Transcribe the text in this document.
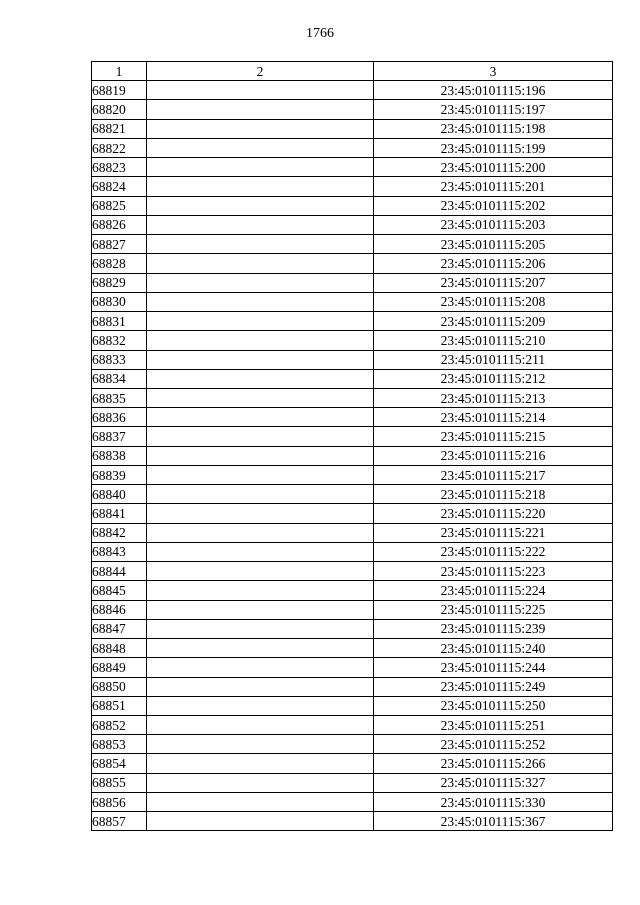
1766
1	2	3
68819		23:45:0101115:196
68820		23:45:0101115:197
68821		23:45:0101115:198
68822		23:45:0101115:199
68823		23:45:0101115:200
68824		23:45:0101115:201
68825		23:45:0101115:202
68826		23:45:0101115:203
68827		23:45:0101115:205
68828		23:45:0101115:206
68829		23:45:0101115:207
68830		23:45:0101115:208
68831		23:45:0101115:209
68832		23:45:0101115:210
68833		23:45:0101115:211
68834		23:45:0101115:212
68835		23:45:0101115:213
68836		23:45:0101115:214
68837		23:45:0101115:215
68838		23:45:0101115:216
68839		23:45:0101115:217
68840		23:45:0101115:218
68841		23:45:0101115:220
68842		23:45:0101115:221
68843		23:45:0101115:222
68844		23:45:0101115:223
68845		23:45:0101115:224
68846		23:45:0101115:225
68847		23:45:0101115:239
68848		23:45:0101115:240
68849		23:45:0101115:244
68850		23:45:0101115:249
68851		23:45:0101115:250
68852		23:45:0101115:251
68853		23:45:0101115:252
68854		23:45:0101115:266
68855		23:45:0101115:327
68856		23:45:0101115:330
68857		23:45:0101115:367
